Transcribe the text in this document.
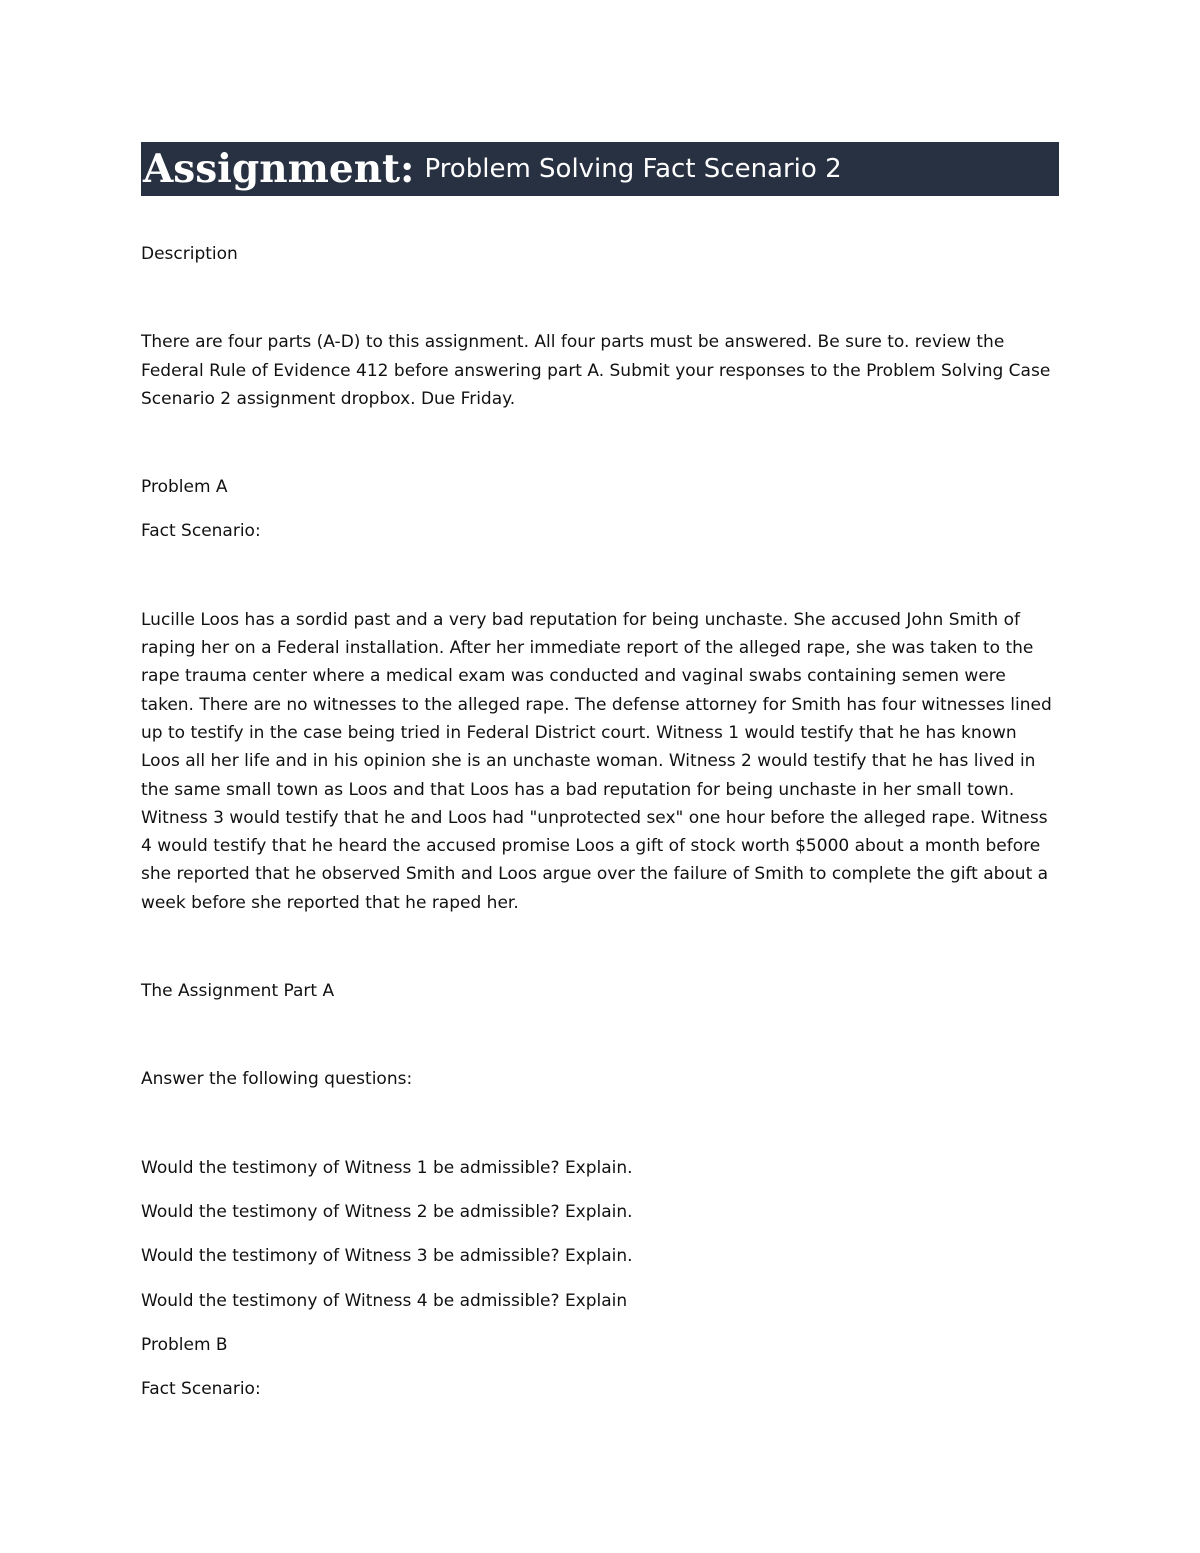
Assignment: Problem Solving Fact Scenario 2

Description

There are four parts (A-D) to this assignment. All four parts must be answered. Be sure to. review the Federal Rule of Evidence 412 before answering part A. Submit your responses to the Problem Solving Case Scenario 2 assignment dropbox. Due Friday.

Problem A

Fact Scenario:

Lucille Loos has a sordid past and a very bad reputation for being unchaste. She accused John Smith of raping her on a Federal installation. After her immediate report of the alleged rape, she was taken to the rape trauma center where a medical exam was conducted and vaginal swabs containing semen were taken. There are no witnesses to the alleged rape. The defense attorney for Smith has four witnesses lined up to testify in the case being tried in Federal District court. Witness 1 would testify that he has known Loos all her life and in his opinion she is an unchaste woman. Witness 2 would testify that he has lived in the same small town as Loos and that Loos has a bad reputation for being unchaste in her small town. Witness 3 would testify that he and Loos had "unprotected sex" one hour before the alleged rape. Witness 4 would testify that he heard the accused promise Loos a gift of stock worth $5000 about a month before she reported that he observed Smith and Loos argue over the failure of Smith to complete the gift about a week before she reported that he raped her.

The Assignment Part A

Answer the following questions:

Would the testimony of Witness 1 be admissible? Explain.

Would the testimony of Witness 2 be admissible? Explain.

Would the testimony of Witness 3 be admissible? Explain.

Would the testimony of Witness 4 be admissible? Explain

Problem B

Fact Scenario:
